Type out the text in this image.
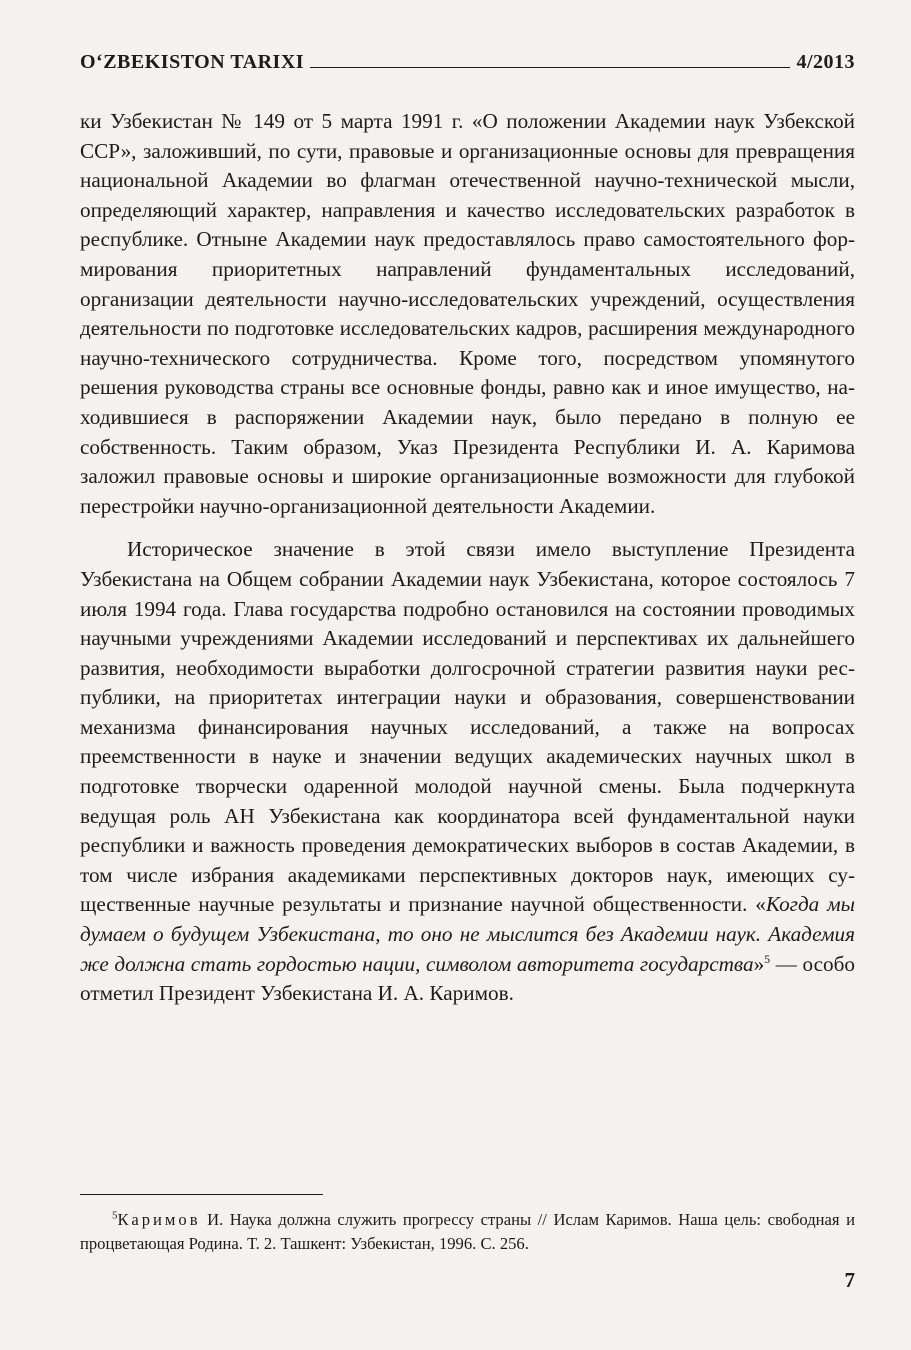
O‘ZBEKISTON TARIXI	4/2013

ки Узбекистан № 149 от 5 марта 1991 г. «О положении Академии наук Узбекской ССР», заложивший, по сути, правовые и организационные основы для превращения национальной Академии во флагман отечественной научно-технической мысли, определяющий характер, направления и качество исследовательских разработок в республике. Отныне Академии наук предоставлялось право самостоятельного формирования приоритетных направлений фундаментальных исследований, организации деятельности научно-исследовательских учреждений, осуществления деятельности по подготовке исследовательских кадров, расширения международного научно-технического сотрудничества. Кроме того, посредством упомянутого решения руководства страны все основные фонды, равно как и иное имущество, находившиеся в распоряжении Академии наук, было передано в полную ее собственность. Таким образом, Указ Президента Республики И. А. Каримова заложил правовые основы и широкие организационные возможности для глубокой перестройки научно-организационной деятельности Академии.

Историческое значение в этой связи имело выступление Президента Узбекистана на Общем собрании Академии наук Узбекистана, которое состоялось 7 июля 1994 года. Глава государства подробно остановился на состоянии проводимых научными учреждениями Академии исследований и перспективах их дальнейшего развития, необходимости выработки долгосрочной стратегии развития науки республики, на приоритетах интеграции науки и образования, совершенствовании механизма финансирования научных исследований, а также на вопросах преемственности в науке и значении ведущих академических научных школ в подготовке творчески одаренной молодой научной смены. Была подчеркнута ведущая роль АН Узбекистана как координатора всей фундаментальной науки республики и важность проведения демократических выборов в состав Академии, в том числе избрания академиками перспективных докторов наук, имеющих существенные научные результаты и признание научной общественности. «Когда мы думаем о будущем Узбекистана, то оно не мыслится без Академии наук. Академия же должна стать гордостью нации, символом авторитета государства»$^5$ — особо отметил Президент Узбекистана И. А. Каримов.

$^5$Каримов И. Наука должна служить прогрессу страны // Ислам Каримов. Наша цель: свободная и процветающая Родина. Т. 2. Ташкент: Узбекистан, 1996. С. 256.
7
